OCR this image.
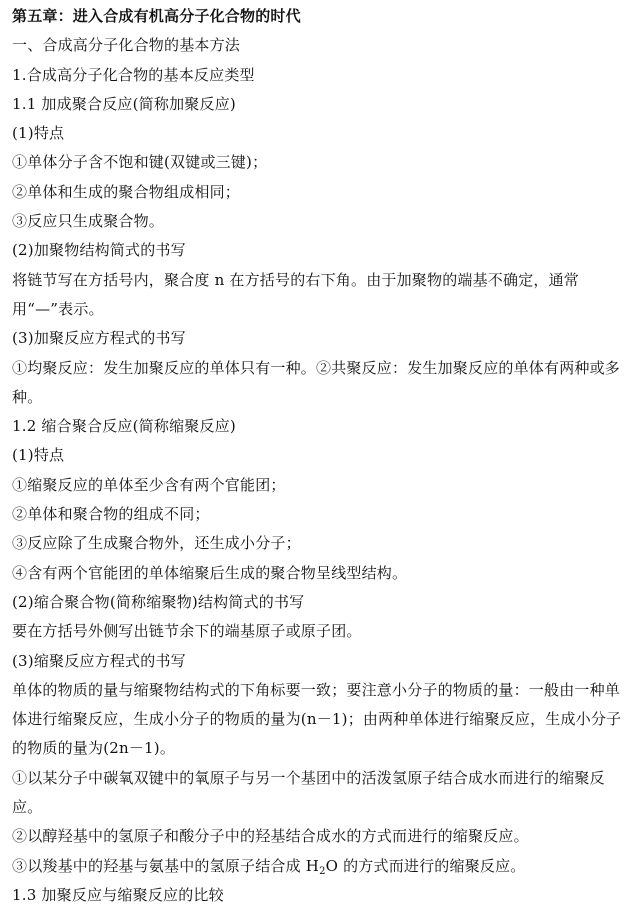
第五章：进入合成有机高分子化合物的时代
一、合成高分子化合物的基本方法
1.合成高分子化合物的基本反应类型
1.1 加成聚合反应(简称加聚反应)
(1)特点
①单体分子含不饱和键(双键或三键)；
②单体和生成的聚合物组成相同；
③反应只生成聚合物。
(2)加聚物结构简式的书写
将链节写在方括号内，聚合度 n 在方括号的右下角。由于加聚物的端基不确定，通常用“—”表示。
(3)加聚反应方程式的书写
①均聚反应：发生加聚反应的单体只有一种。②共聚反应：发生加聚反应的单体有两种或多种。
1.2 缩合聚合反应(简称缩聚反应)
(1)特点
①缩聚反应的单体至少含有两个官能团；
②单体和聚合物的组成不同；
③反应除了生成聚合物外，还生成小分子；
④含有两个官能团的单体缩聚后生成的聚合物呈线型结构。
(2)缩合聚合物(简称缩聚物)结构简式的书写
要在方括号外侧写出链节余下的端基原子或原子团。
(3)缩聚反应方程式的书写
单体的物质的量与缩聚物结构式的下角标要一致；要注意小分子的物质的量：一般由一种单体进行缩聚反应，生成小分子的物质的量为(n－1)；由两种单体进行缩聚反应，生成小分子的物质的量为(2n－1)。
①以某分子中碳氧双键中的氧原子与另一个基团中的活泼氢原子结合成水而进行的缩聚反应。
②以醇羟基中的氢原子和酸分子中的羟基结合成水的方式而进行的缩聚反应。
③以羧基中的羟基与氨基中的氢原子结合成 $H_2O$ 的方式而进行的缩聚反应。
1.3 加聚反应与缩聚反应的比较
